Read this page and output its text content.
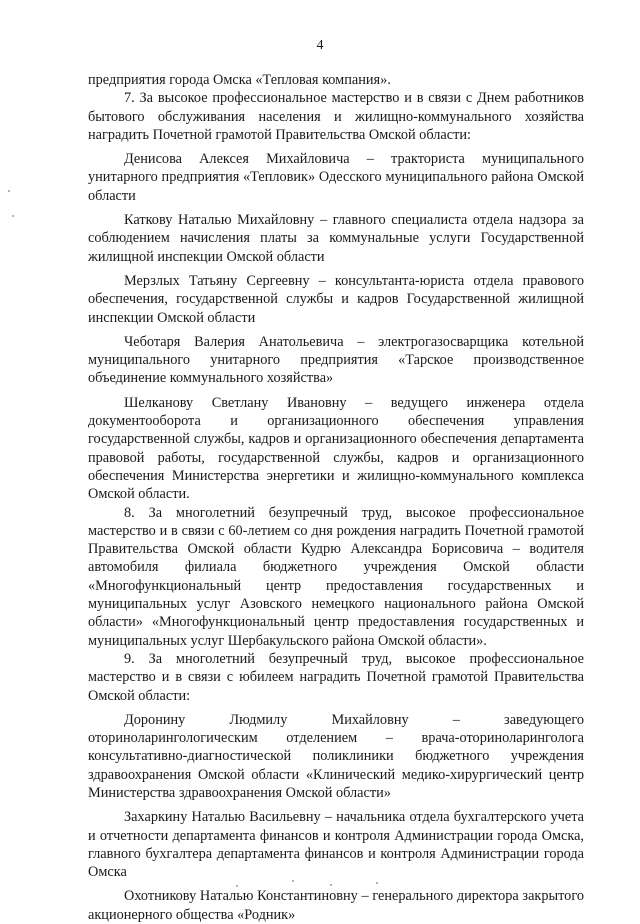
4

предприятия города Омска «Тепловая компания».

7. За высокое профессиональное мастерство и в связи с Днем работников бытового обслуживания населения и жилищно-коммунального хозяйства наградить Почетной грамотой Правительства Омской области:

Денисова Алексея Михайловича – тракториста муниципального унитарного предприятия «Тепловик» Одесского муниципального района Омской области

Каткову Наталью Михайловну – главного специалиста отдела надзора за соблюдением начисления платы за коммунальные услуги Государственной жилищной инспекции Омской области

Мерзлых Татьяну Сергеевну – консультанта-юриста отдела правового обеспечения, государственной службы и кадров Государственной жилищной инспекции Омской области

Чеботаря Валерия Анатольевича – электрогазосварщика котельной муниципального унитарного предприятия «Тарское производственное объединение коммунального хозяйства»

Шелканову Светлану Ивановну – ведущего инженера отдела документооборота и организационного обеспечения управления государственной службы, кадров и организационного обеспечения департамента правовой работы, государственной службы, кадров и организационного обеспечения Министерства энергетики и жилищно-коммунального комплекса Омской области.

8. За многолетний безупречный труд, высокое профессиональное мастерство и в связи с 60-летием со дня рождения наградить Почетной грамотой Правительства Омской области Кудрю Александра Борисовича – водителя автомобиля филиала бюджетного учреждения Омской области «Многофункциональный центр предоставления государственных и муниципальных услуг Азовского немецкого национального района Омской области» «Многофункциональный центр предоставления государственных и муниципальных услуг Шербакульского района Омской области».

9. За многолетний безупречный труд, высокое профессиональное мастерство и в связи с юбилеем наградить Почетной грамотой Правительства Омской области:

Доронину Людмилу Михайловну – заведующего оториноларингологическим отделением – врача-оториноларинголога консультативно-диагностической поликлиники бюджетного учреждения здравоохранения Омской области «Клинический медико-хирургический центр Министерства здравоохранения Омской области»

Захаркину Наталью Васильевну – начальника отдела бухгалтерского учета и отчетности департамента финансов и контроля Администрации города Омска, главного бухгалтера департамента финансов и контроля Администрации города Омска

Охотникову Наталью Константиновну – генерального директора закрытого акционерного общества «Родник»
